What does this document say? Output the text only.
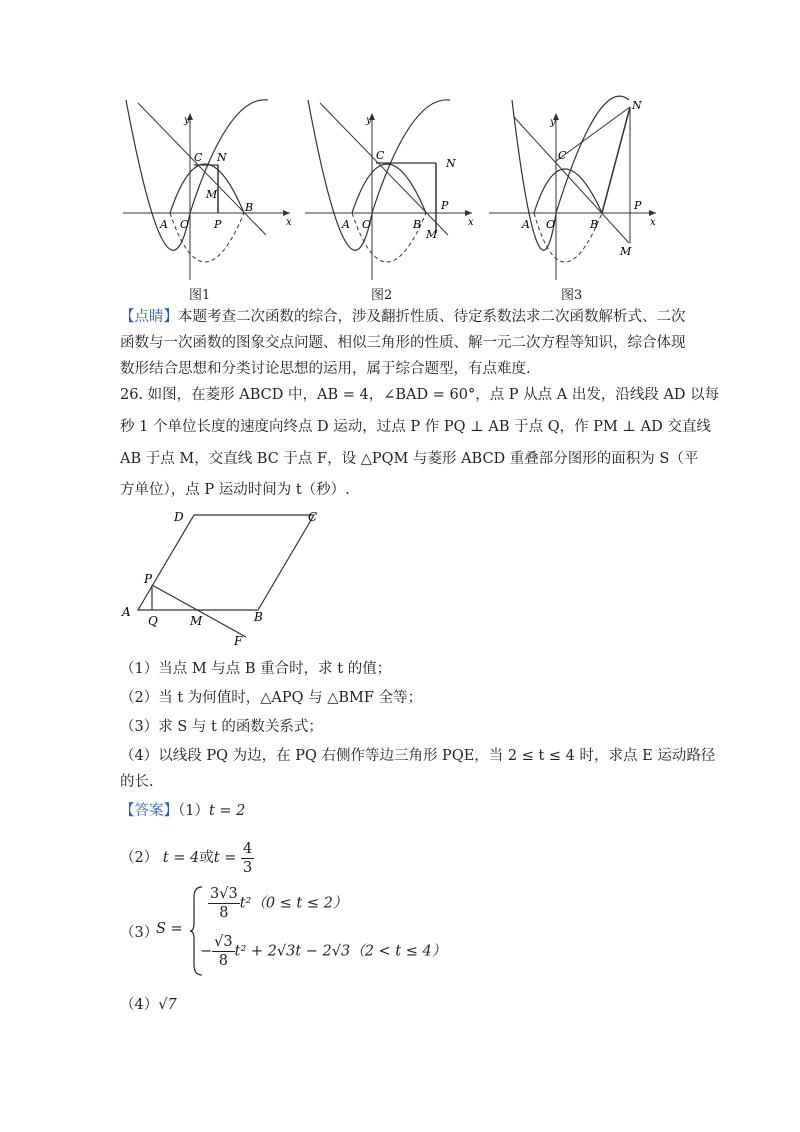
y
x
O
A
B
C N
M
P
图1
y
x
O
A	B
C
N
M
P
图2
y
x
O
A	B
C
N
M
P
图3
【点睛】本题考查二次函数的综合，涉及翻折性质、待定系数法求二次函数解析式、二次
函数与一次函数的图象交点问题、相似三角形的性质、解一元二次方程等知识，综合体现
数形结合思想和分类讨论思想的运用，属于综合题型，有点难度.
26. 如图，在菱形 ABCD 中，AB = 4，∠BAD = 60°，点 P 从点 A 出发，沿线段 AD 以每
秒 1 个单位长度的速度向终点 D 运动，过点 P 作 PQ ⊥ AB 于点 Q，作 PM ⊥ AD 交直线
AB 于点 M，交直线 BC 于点 F，设 △PQM 与菱形 ABCD 重叠部分图形的面积为 S（平
方单位），点 P 运动时间为 t（秒）.
D	C
P
A
Q	M	B
F
（1）当点 M 与点 B 重合时，求 t 的值；
（2）当 t 为何值时，△APQ 与 △BMF 全等；
（3）求 S 与 t 的函数关系式；
（4）以线段 PQ 为边，在 PQ 右侧作等边三角形 PQE，当 2 ≤ t ≤ 4 时，求点 E 运动路径
的长.
【答案】（1）t = 2
（2） t = 4或$t = \frac{4}{3}$
（3）
S =
$\frac{3√3}{8} t^2(0 \le t \le 2)$
− $\frac{√3}{8} t^2 + 2√3t - 2√3(2 < t \le 4)$
（4）√7
